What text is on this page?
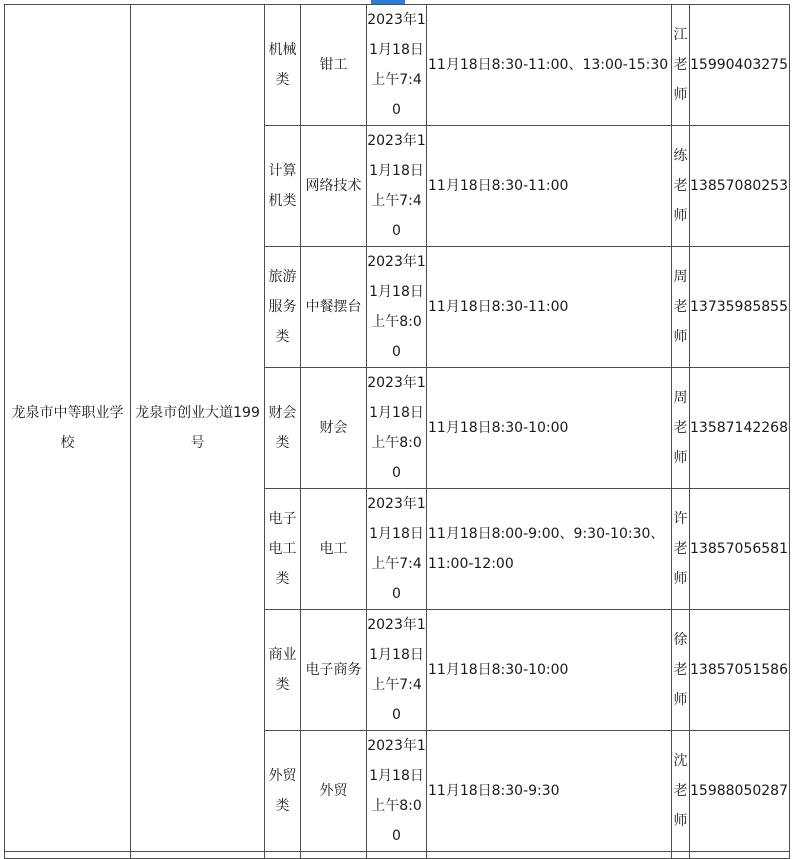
龙泉市中等职业学校	龙泉市创业大道199号	机械类	钳工	2023年11月18日上午7:40	11月18日8:30-11:00、13:00-15:30	江老师	15990403275
		计算机类	网络技术	2023年11月18日上午7:40	11月18日8:30-11:00	练老师	13857080253
		旅游服务类	中餐摆台	2023年11月18日上午8:00	11月18日8:30-11:00	周老师	13735985855
		财会类	财会	2023年11月18日上午8:00	11月18日8:30-10:00	周老师	13587142268
		电子电工类	电工	2023年11月18日上午7:40	11月18日8:00-9:00、9:30-10:30、11:00-12:00	许老师	13857056581
		商业类	电子商务	2023年11月18日上午7:40	11月18日8:30-10:00	徐老师	13857051586
		外贸类	外贸	2023年11月18日上午8:00	11月18日8:30-9:30	沈老师	15988050287
